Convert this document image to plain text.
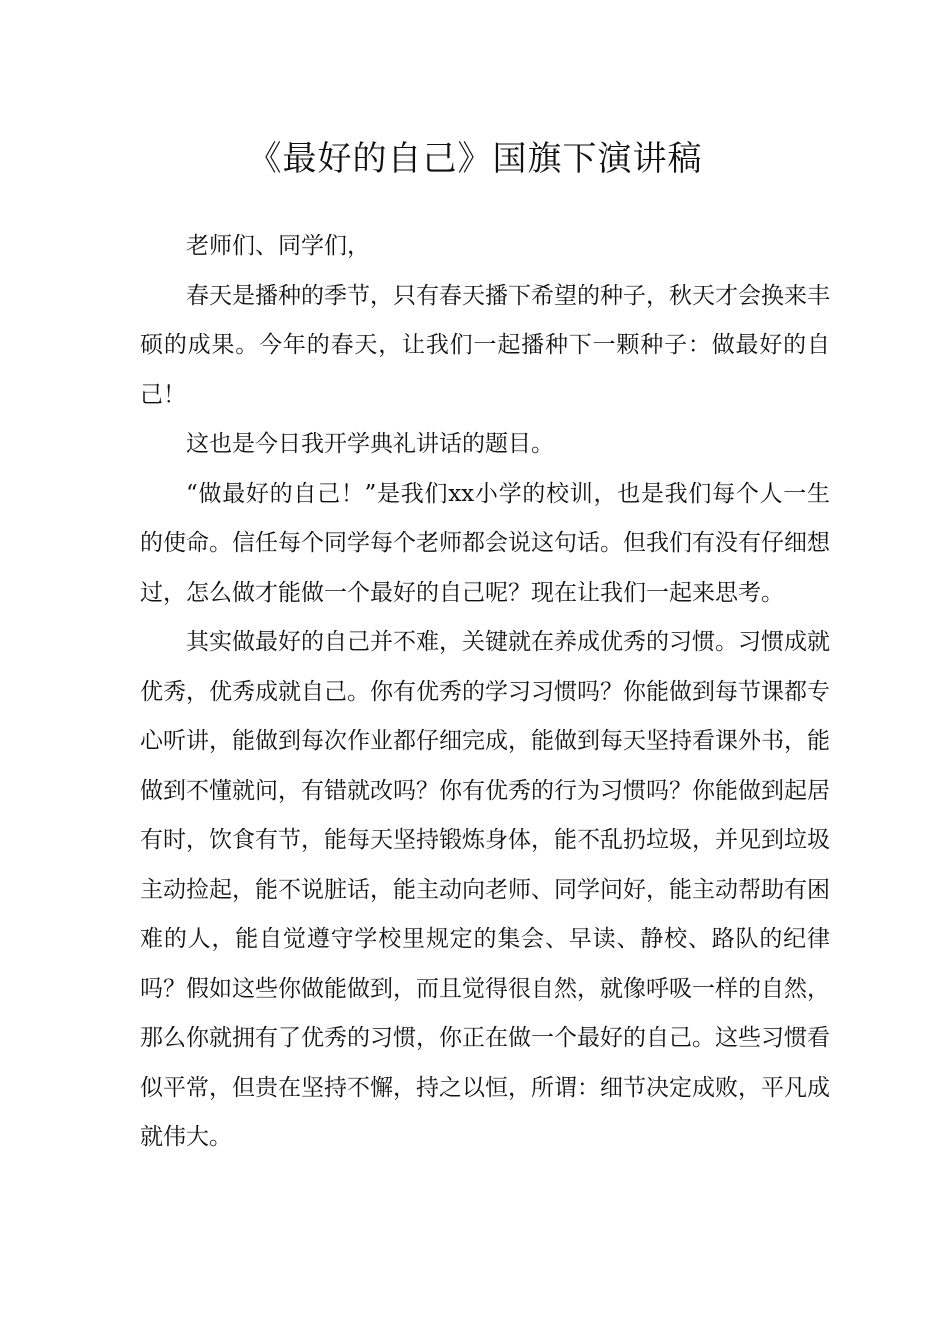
《最好的自己》国旗下演讲稿

老师们、同学们，

春天是播种的季节，只有春天播下希望的种子，秋天才会换来丰硕的成果。今年的春天，让我们一起播种下一颗种子：做最好的自己！

这也是今日我开学典礼讲话的题目。

“做最好的自己！”是我们xx小学的校训，也是我们每个人一生的使命。信任每个同学每个老师都会说这句话。但我们有没有仔细想过，怎么做才能做一个最好的自己呢？现在让我们一起来思考。

其实做最好的自己并不难，关键就在养成优秀的习惯。习惯成就优秀，优秀成就自己。你有优秀的学习习惯吗？你能做到每节课都专心听讲，能做到每次作业都仔细完成，能做到每天坚持看课外书，能做到不懂就问，有错就改吗？你有优秀的行为习惯吗？你能做到起居有时，饮食有节，能每天坚持锻炼身体，能不乱扔垃圾，并见到垃圾主动捡起，能不说脏话，能主动向老师、同学问好，能主动帮助有困难的人，能自觉遵守学校里规定的集会、早读、静校、路队的纪律吗？假如这些你做能做到，而且觉得很自然，就像呼吸一样的自然，那么你就拥有了优秀的习惯，你正在做一个最好的自己。这些习惯看似平常，但贵在坚持不懈，持之以恒，所谓：细节决定成败，平凡成就伟大。
